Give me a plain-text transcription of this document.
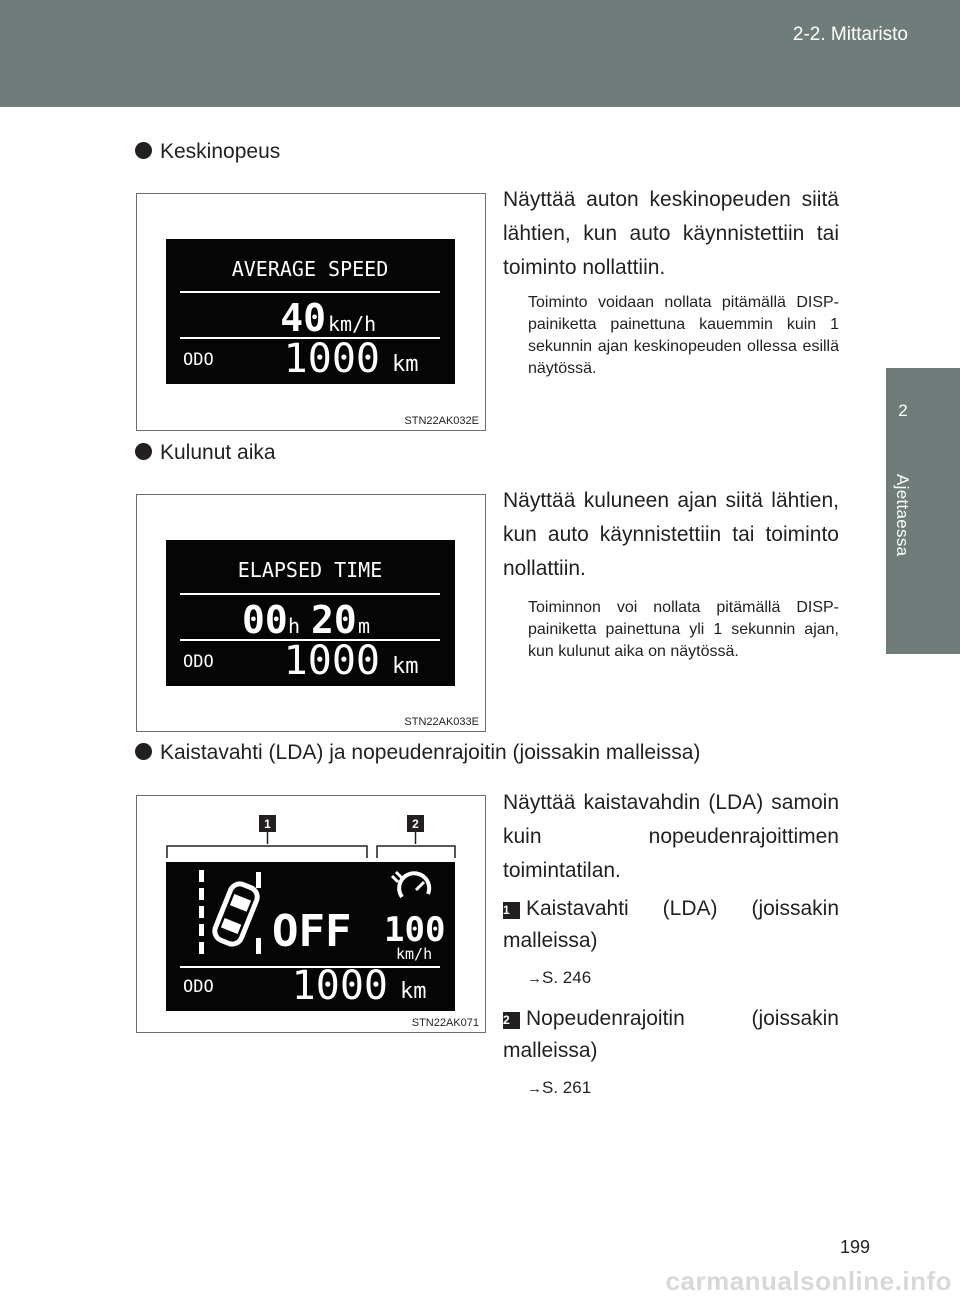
2-2. Mittaristo
2
Ajettaessa
Keskinopeus
AVERAGE SPEED
40 km/h
ODO 1000 km
STN22AK032E
Näyttää auton keskinopeuden siitä lähtien, kun auto käynnistettiin tai toiminto nollattiin.
Toiminto voidaan nollata pitämällä DISP-painiketta painettuna kauemmin kuin 1 sekunnin ajan keskinopeuden ollessa esillä näytössä.
Kulunut aika
ELAPSED TIME
00 h 20 m
ODO 1000 km
STN22AK033E
Näyttää kuluneen ajan siitä lähtien, kun auto käynnistettiin tai toiminto nollattiin.
Toiminnon voi nollata pitämällä DISP-painiketta painettuna yli 1 sekunnin ajan, kun kulunut aika on näytössä.
Kaistavahti (LDA) ja nopeudenrajoitin (joissakin malleissa)
1	2
OFF 100
km/h
ODO 1000 km
STN22AK071
Näyttää kaistavahdin (LDA) samoin kuin nopeudenrajoittimen toimintatilan.
1 Kaistavahti (LDA) (joissakin malleissa)
→S. 246
2 Nopeudenrajoitin (joissakin malleissa)
→S. 261
199
carmanualsonline.info
